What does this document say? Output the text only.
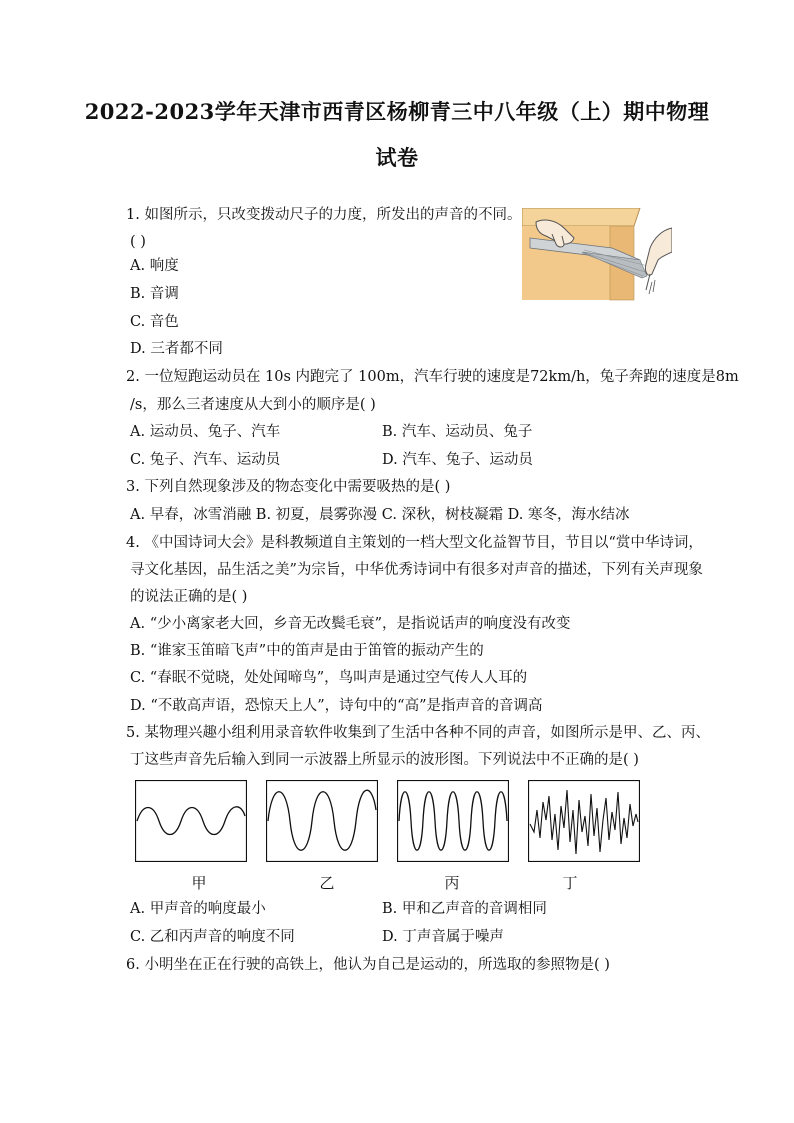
2022-2023学年天津市西青区杨柳青三中八年级（上）期中物理
试卷
1. 如图所示，只改变拨动尺子的力度，所发出的声音的不同。
( )
A. 响度
B. 音调
C. 音色
D. 三者都不同
2. 一位短跑运动员在 10s 内跑完了 100m，汽车行驶的速度是72km/h，兔子奔跑的速度是8m
/s，那么三者速度从大到小的顺序是( )
A. 运动员、兔子、汽车	B. 汽车、运动员、兔子
C. 兔子、汽车、运动员	D. 汽车、兔子、运动员
3. 下列自然现象涉及的物态变化中需要吸热的是( )
A. 早春，冰雪消融 B. 初夏，晨雾弥漫 C. 深秋，树枝凝霜 D. 寒冬，海水结冰
4. 《中国诗词大会》是科教频道自主策划的一档大型文化益智节目，节目以“赏中华诗词，
寻文化基因，品生活之美”为宗旨，中华优秀诗词中有很多对声音的描述，下列有关声现象
的说法正确的是( )
A. “少小离家老大回，乡音无改鬓毛衰”，是指说话声的响度没有改变
B. “谁家玉笛暗飞声”中的笛声是由于笛管的振动产生的
C. “春眠不觉晓，处处闻啼鸟”，鸟叫声是通过空气传人人耳的
D. “不敢高声语，恐惊天上人”，诗句中的“高”是指声音的音调高
5. 某物理兴趣小组利用录音软件收集到了生活中各种不同的声音，如图所示是甲、乙、丙、
丁这些声音先后输入到同一示波器上所显示的波形图。下列说法中不正确的是( )
甲	乙	丙	丁
A. 甲声音的响度最小	B. 甲和乙声音的音调相同
C. 乙和丙声音的响度不同	D. 丁声音属于噪声
6. 小明坐在正在行驶的高铁上，他认为自己是运动的，所选取的参照物是( )
